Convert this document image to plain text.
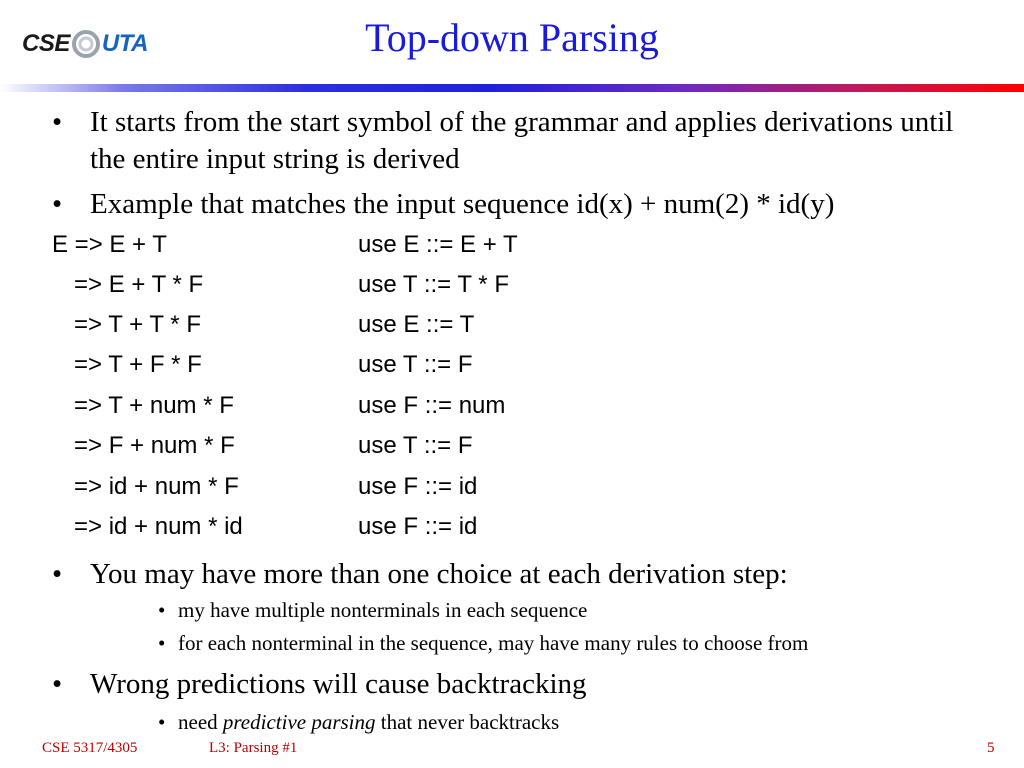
CSE UTA	Top-down Parsing
• It starts from the start symbol of the grammar and applies derivations until the entire input string is derived
• Example that matches the input sequence id(x) + num(2) * id(y)
E => E + T	use E ::= E + T
=> E + T * F	use T ::= T * F
=> T + T * F	use E ::= T
=> T + F * F	use T ::= F
=> T + num * F	use F ::= num
=> F + num * F	use T ::= F
=> id + num * F	use F ::= id
=> id + num * id	use F ::= id
• You may have more than one choice at each derivation step:
• my have multiple nonterminals in each sequence
• for each nonterminal in the sequence, may have many rules to choose from
• Wrong predictions will cause backtracking
• need predictive parsing that never backtracks
CSE 5317/4305	L3: Parsing #1	5
